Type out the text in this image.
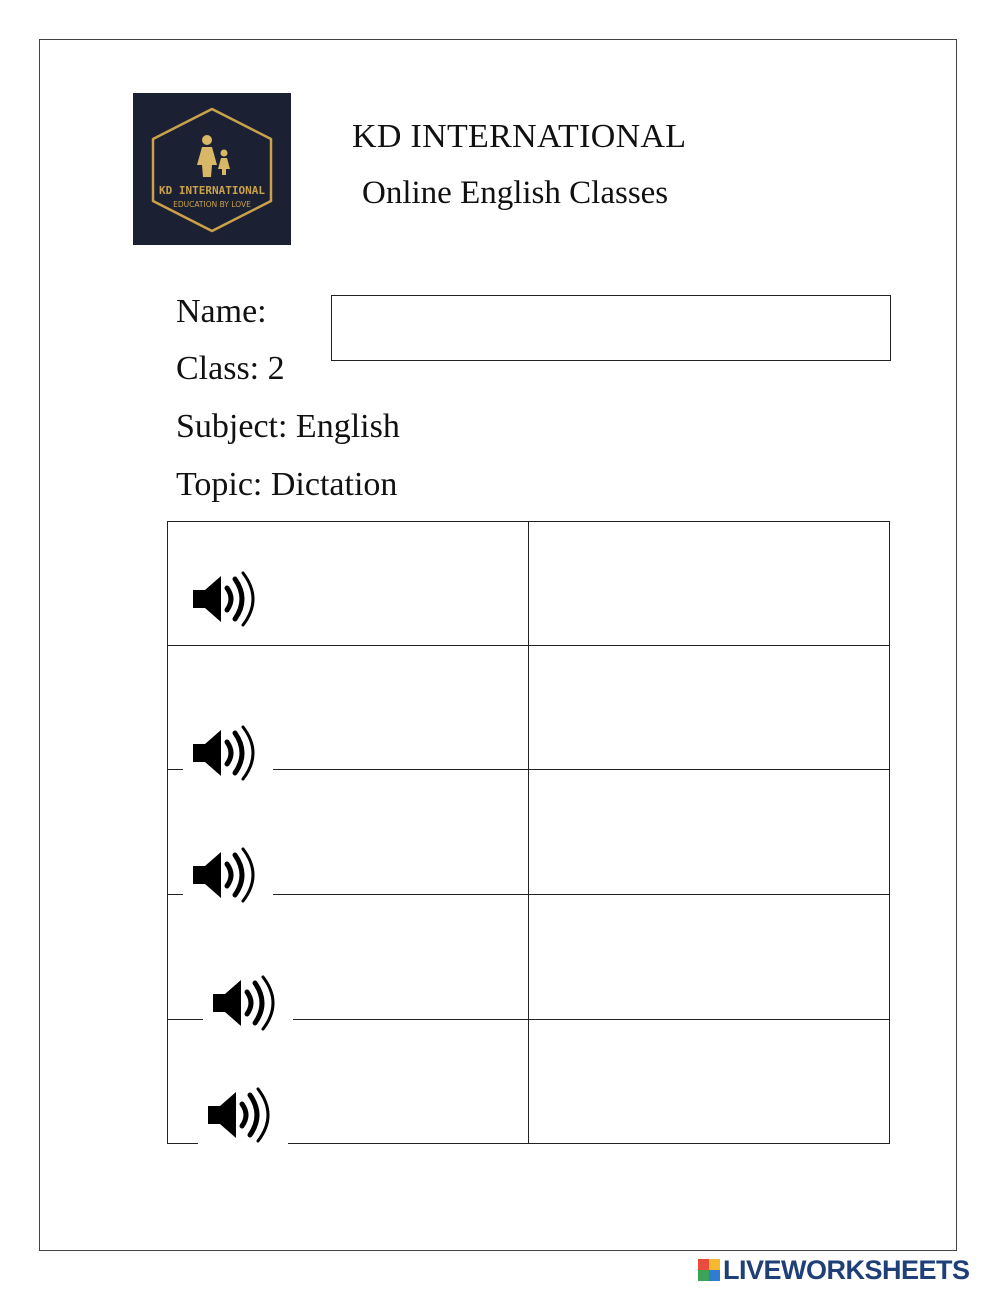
KD INTERNATIONAL
EDUCATION BY LOVE
KD INTERNATIONAL
Online English Classes
Name:
Class: 2
Subject: English
Topic: Dictation
LIVEWORKSHEETS
